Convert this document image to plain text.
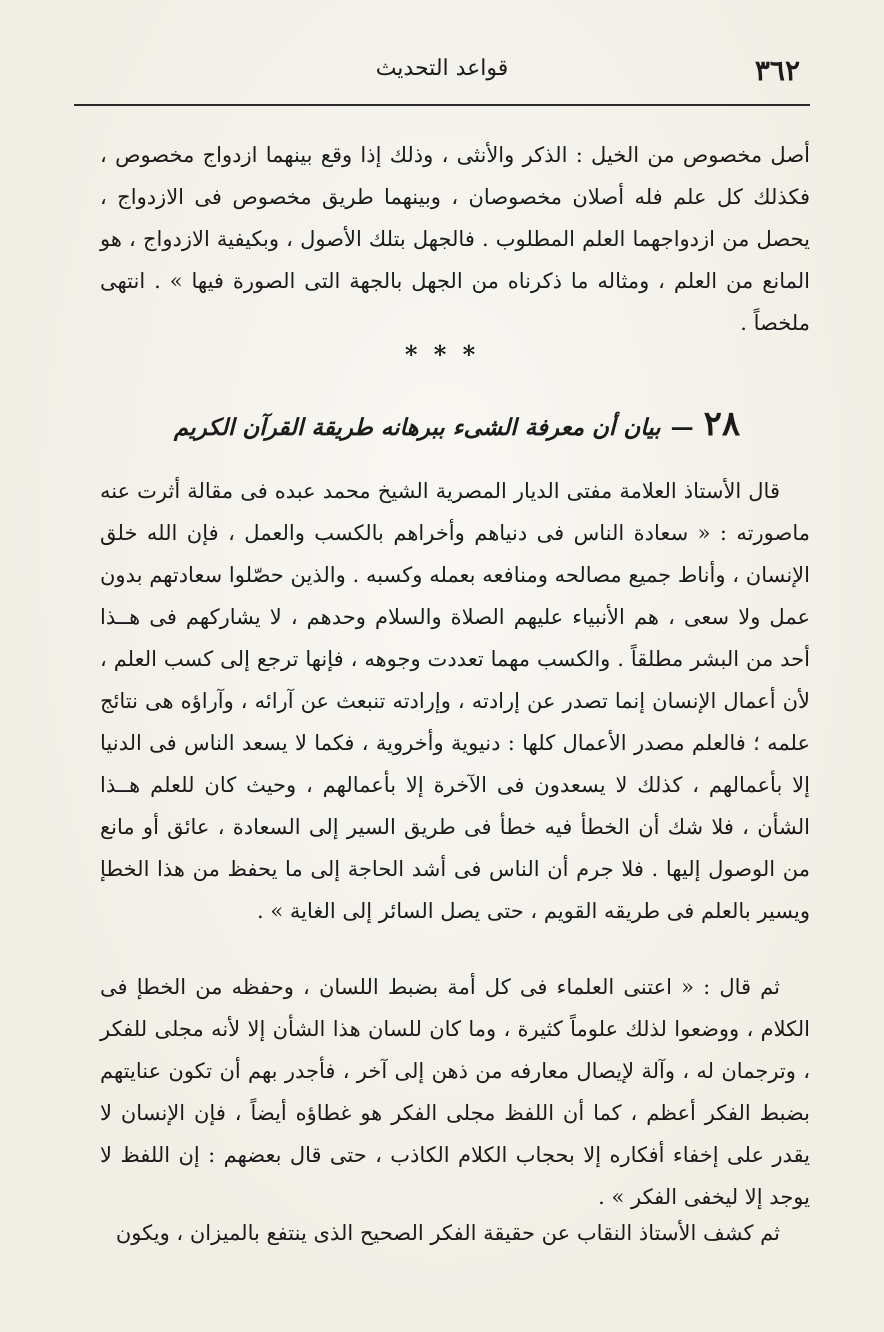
٣٦٢
قواعد التحديث

أصل مخصوص من الخيل : الذكر والأنثى ، وذلك إذا وقع بينهما ازدواج مخصوص ، فكذلك كل علم فله أصلان مخصوصان ، وبينهما طريق مخصوص فى الازدواج ، يحصل من ازدواجهما العلم المطلوب . فالجهل بتلك الأصول ، وبكيفية الازدواج ، هو المانع من العلم ، ومثاله ما ذكرناه من الجهل بالجهة التى الصورة فيها » . انتهى ملخصاً .

* * *
٢٨—بيان أن معرفة الشىء ببرهانه طريقة القرآن الكريم

قال الأستاذ العلامة مفتى الديار المصرية الشيخ محمد عبده فى مقالة أثرت عنه ماصورته : « سعادة الناس فى دنياهم وأخراهم بالكسب والعمل ، فإن الله خلق الإنسان ، وأناط جميع مصالحه ومنافعه بعمله وكسبه . والذين حصّلوا سعادتهم بدون عمل ولا سعى ، هم الأنبياء عليهم الصلاة والسلام وحدهم ، لا يشاركهم فى هــذا أحد من البشر مطلقاً . والكسب مهما تعددت وجوهه ، فإنها ترجع إلى كسب العلم ، لأن أعمال الإنسان إنما تصدر عن إرادته ، وإرادته تنبعث عن آرائه ، وآراؤه هى نتائج علمه ؛ فالعلم مصدر الأعمال كلها : دنيوية وأخروية ، فكما لا يسعد الناس فى الدنيا إلا بأعمالهم ، كذلك لا يسعدون فى الآخرة إلا بأعمالهم ، وحيث كان للعلم هــذا الشأن ، فلا شك أن الخطأ فيه خطأ فى طريق السير إلى السعادة ، عائق أو مانع من الوصول إليها . فلا جرم أن الناس فى أشد الحاجة إلى ما يحفظ من هذا الخطإ ويسير بالعلم فى طريقه القويم ، حتى يصل السائر إلى الغاية » .

ثم قال : « اعتنى العلماء فى كل أمة بضبط اللسان ، وحفظه من الخطإ فى الكلام ، ووضعوا لذلك علوماً كثيرة ، وما كان للسان هذا الشأن إلا لأنه مجلى للفكر ، وترجمان له ، وآلة لإيصال معارفه من ذهن إلى آخر ، فأجدر بهم أن تكون عنايتهم بضبط الفكر أعظم ، كما أن اللفظ مجلى الفكر هو غطاؤه أيضاً ، فإن الإنسان لا يقدر على إخفاء أفكاره إلا بحجاب الكلام الكاذب ، حتى قال بعضهم : إن اللفظ لا يوجد إلا ليخفى الفكر » .

ثم كشف الأستاذ النقاب عن حقيقة الفكر الصحيح الذى ينتفع بالميزان ، ويكون
